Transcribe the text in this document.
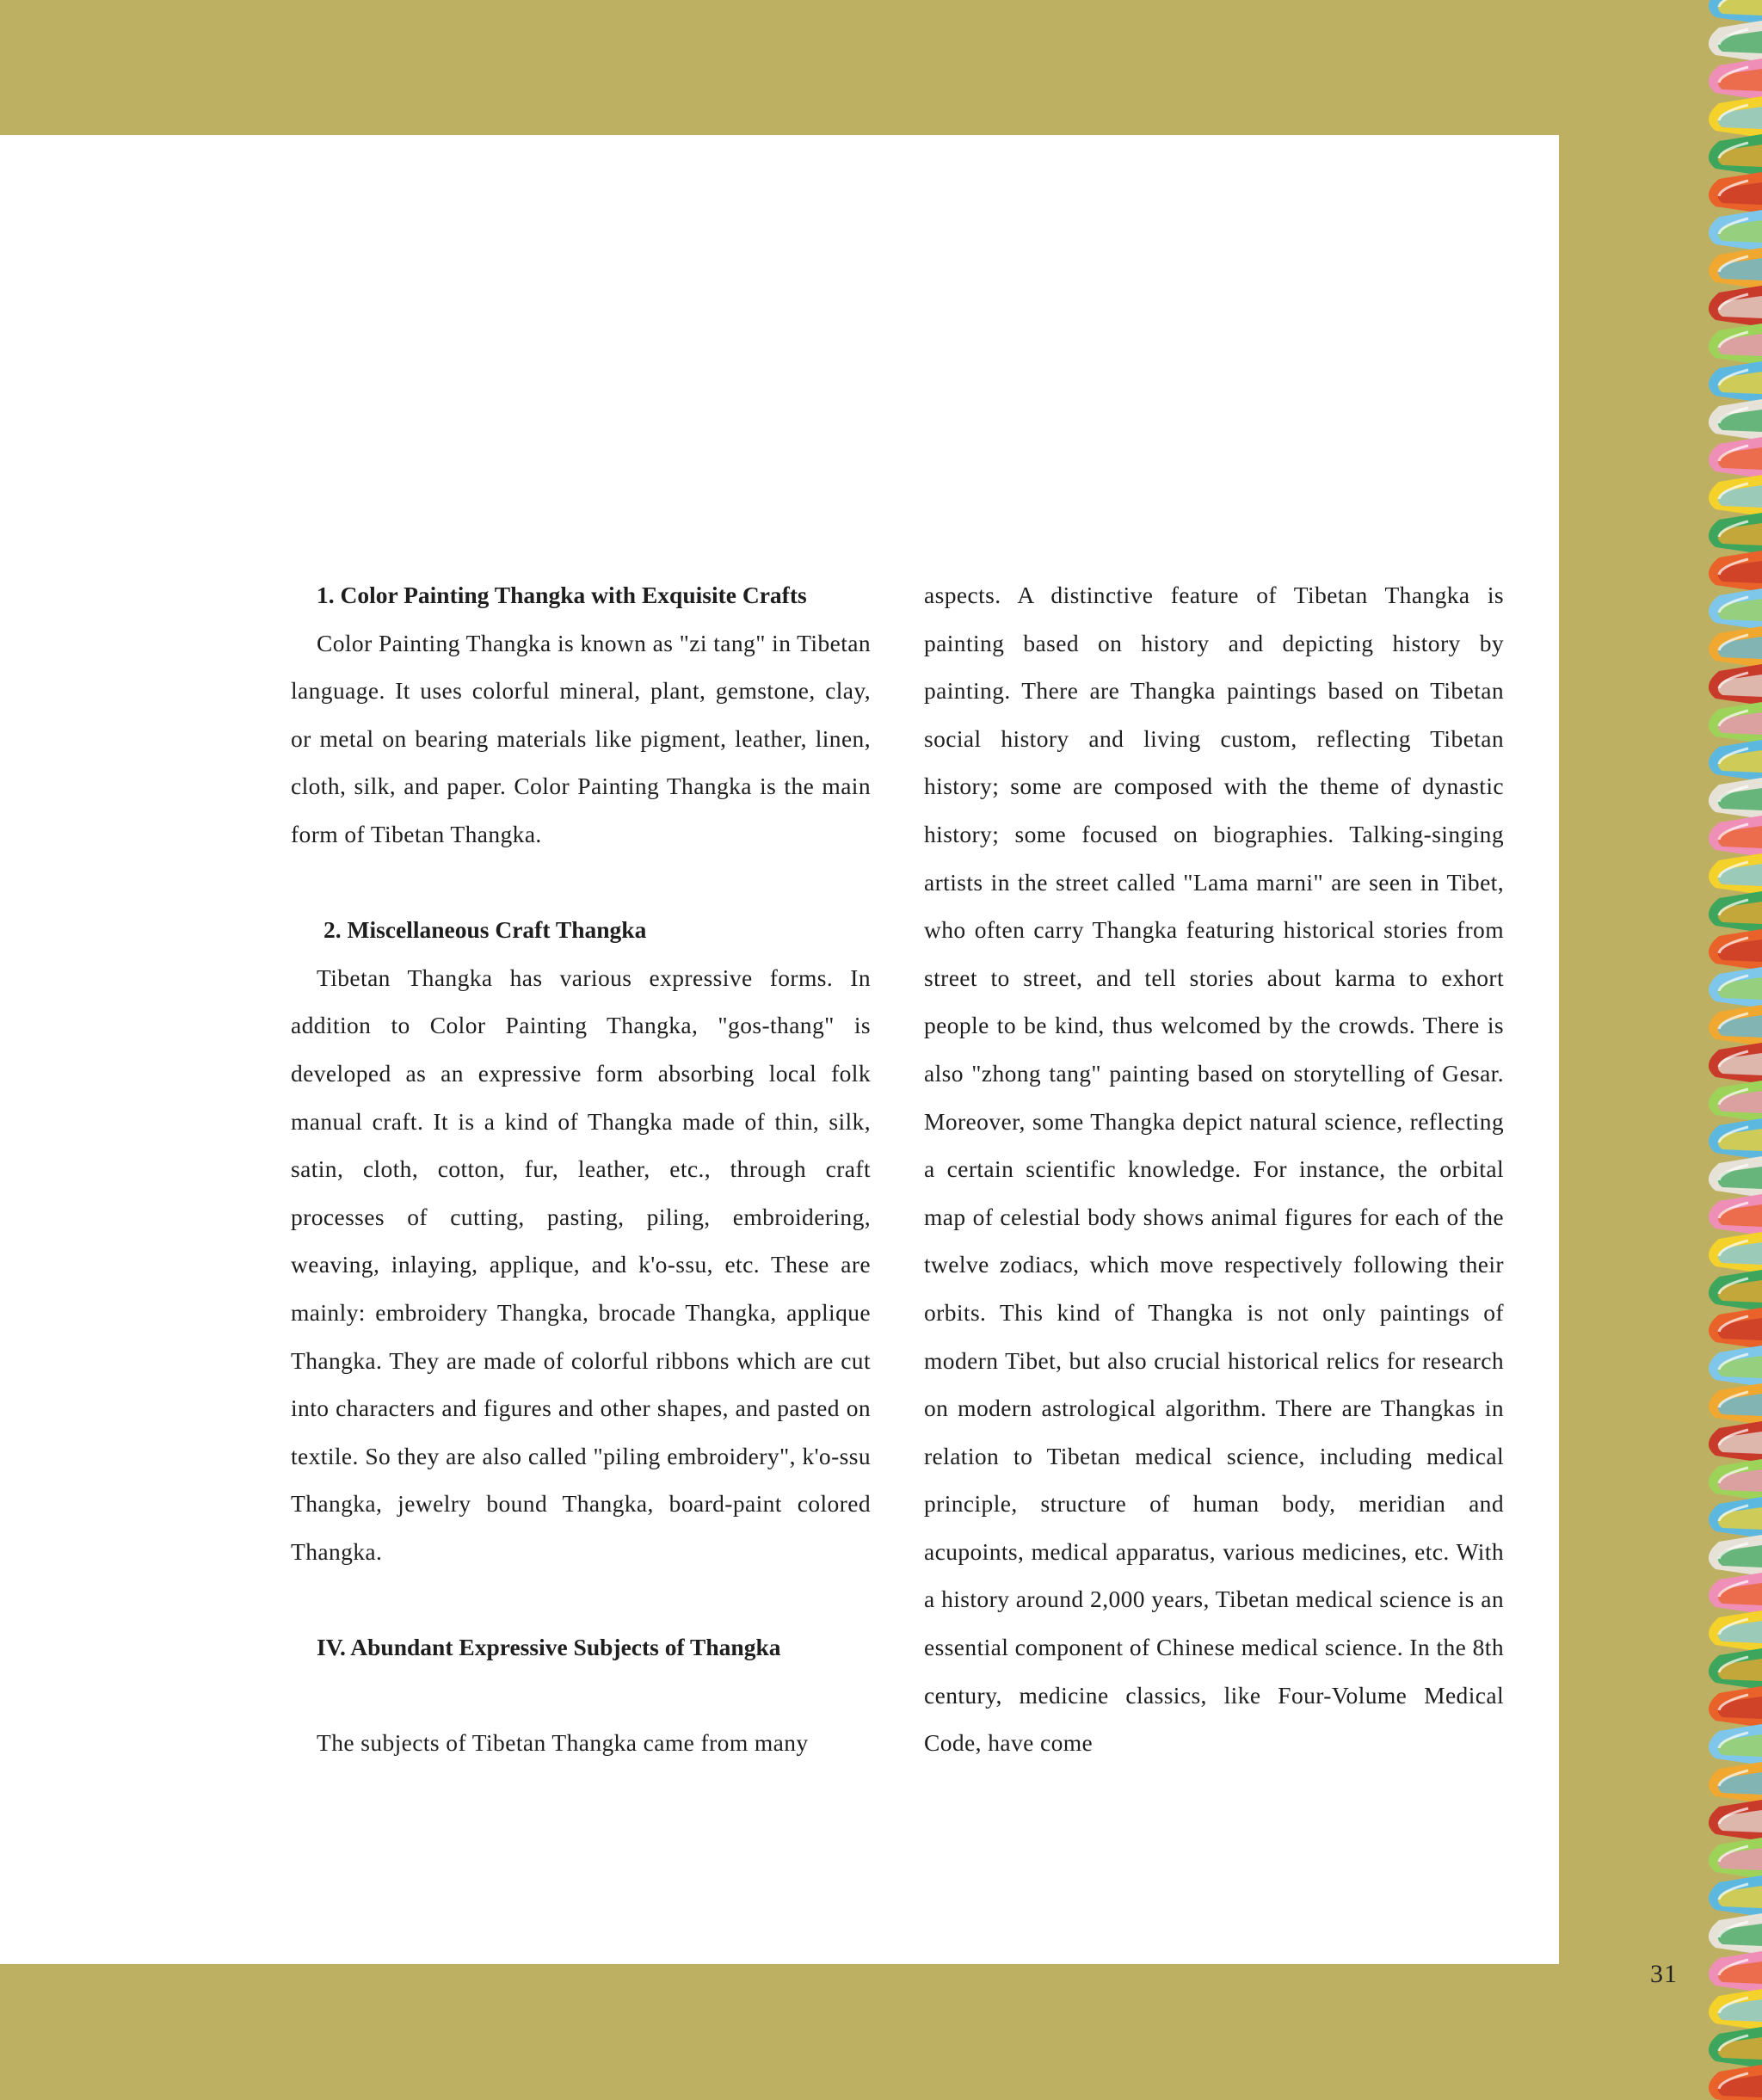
1. Color Painting Thangka with Exquisite Crafts

Color Painting Thangka is known as "zi tang" in Tibetan language. It uses colorful mineral, plant, gemstone, clay, or metal on bearing materials like pigment, leather, linen, cloth, silk, and paper. Color Painting Thangka is the main form of Tibetan Thangka.

2. Miscellaneous Craft Thangka

Tibetan Thangka has various expressive forms. In addition to Color Painting Thangka, "gos-thang" is developed as an expressive form absorbing local folk manual craft. It is a kind of Thangka made of thin, silk, satin, cloth, cotton, fur, leather, etc., through craft processes of cutting, pasting, piling, embroidering, weaving, inlaying, applique, and k'o-ssu, etc. These are mainly: embroidery Thangka, brocade Thangka, applique Thangka. They are made of colorful ribbons which are cut into characters and figures and other shapes, and pasted on textile. So they are also called "piling embroidery", k'o-ssu Thangka, jewelry bound Thangka, board-paint colored Thangka.

IV. Abundant Expressive Subjects of Thangka

The subjects of Tibetan Thangka came from many

aspects. A distinctive feature of Tibetan Thangka is painting based on history and depicting history by painting. There are Thangka paintings based on Tibetan social history and living custom, reflecting Tibetan history; some are composed with the theme of dynastic history; some focused on biographies. Talking-singing artists in the street called "Lama marni" are seen in Tibet, who often carry Thangka featuring historical stories from street to street, and tell stories about karma to exhort people to be kind, thus welcomed by the crowds. There is also "zhong tang" painting based on storytelling of Gesar. Moreover, some Thangka depict natural science, reflecting a certain scientific knowledge. For instance, the orbital map of celestial body shows animal figures for each of the twelve zodiacs, which move respectively following their orbits. This kind of Thangka is not only paintings of modern Tibet, but also crucial historical relics for research on modern astrological algorithm. There are Thangkas in relation to Tibetan medical science, including medical principle, structure of human body, meridian and acupoints, medical apparatus, various medicines, etc. With a history around 2,000 years, Tibetan medical science is an essential component of Chinese medical science. In the 8th century, medicine classics, like Four-Volume Medical Code, have come

31
